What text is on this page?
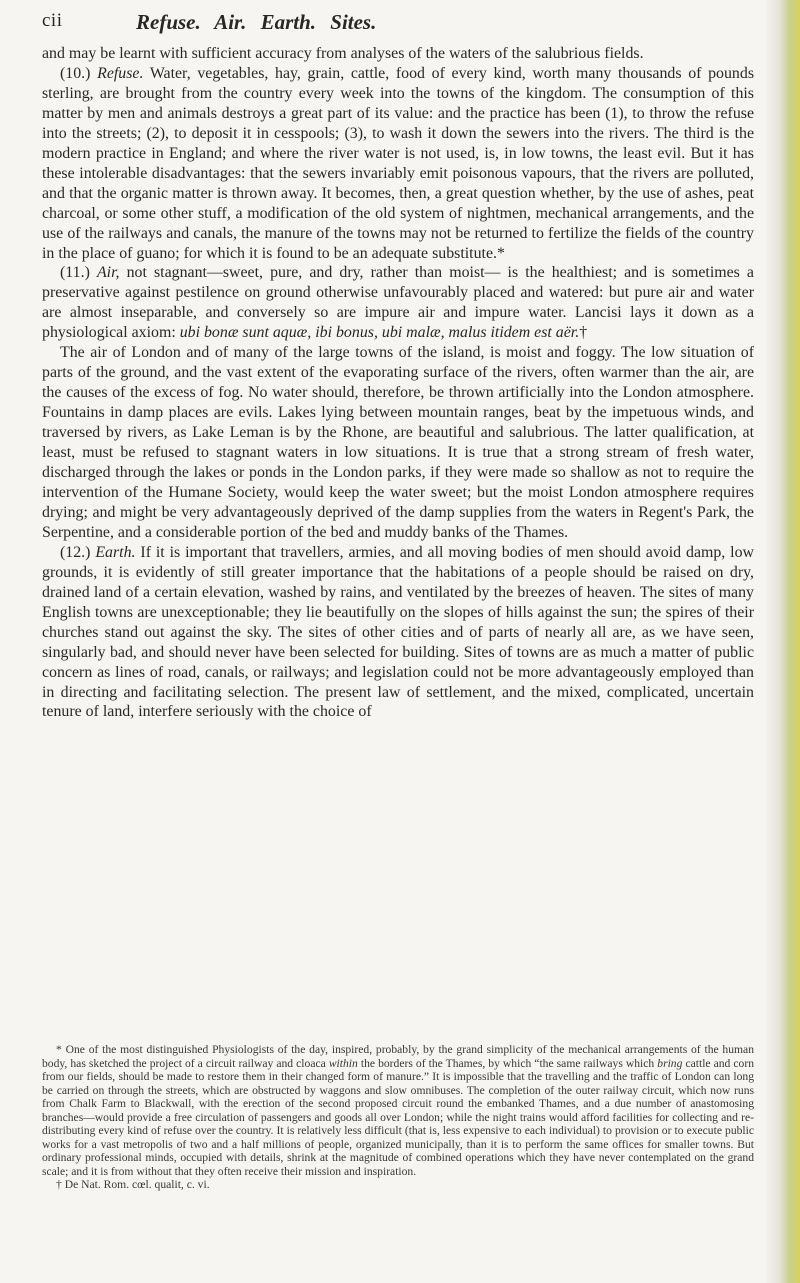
cii	Refuse. Air. Earth. Sites.

and may be learnt with sufficient accuracy from analyses of the waters of the salubrious fields.

(10.) Refuse. Water, vegetables, hay, grain, cattle, food of every kind, worth many thousands of pounds sterling, are brought from the country every week into the towns of the kingdom. The consumption of this matter by men and animals destroys a great part of its value: and the practice has been (1), to throw the refuse into the streets; (2), to deposit it in cesspools; (3), to wash it down the sewers into the rivers. The third is the modern practice in England; and where the river water is not used, is, in low towns, the least evil. But it has these intolerable disadvantages: that the sewers invariably emit poisonous vapours, that the rivers are polluted, and that the organic matter is thrown away. It becomes, then, a great question whether, by the use of ashes, peat charcoal, or some other stuff, a modification of the old system of nightmen, mechanical arrangements, and the use of the railways and canals, the manure of the towns may not be returned to fertilize the fields of the country in the place of guano; for which it is found to be an adequate substitute.*

(11.) Air, not stagnant—sweet, pure, and dry, rather than moist— is the healthiest; and is sometimes a preservative against pestilence on ground otherwise unfavourably placed and watered: but pure air and water are almost inseparable, and conversely so are impure air and impure water. Lancisi lays it down as a physiological axiom: ubi bonæ sunt aquæ, ibi bonus, ubi malæ, malus itidem est aër.†

The air of London and of many of the large towns of the island, is moist and foggy. The low situation of parts of the ground, and the vast extent of the evaporating surface of the rivers, often warmer than the air, are the causes of the excess of fog. No water should, therefore, be thrown artificially into the London atmosphere. Fountains in damp places are evils. Lakes lying between mountain ranges, beat by the impetuous winds, and traversed by rivers, as Lake Leman is by the Rhone, are beautiful and salubrious. The latter qualification, at least, must be refused to stagnant waters in low situations. It is true that a strong stream of fresh water, discharged through the lakes or ponds in the London parks, if they were made so shallow as not to require the intervention of the Humane Society, would keep the water sweet; but the moist London atmosphere requires drying; and might be very advantageously deprived of the damp supplies from the waters in Regent's Park, the Serpentine, and a considerable portion of the bed and muddy banks of the Thames.

(12.) Earth. If it is important that travellers, armies, and all moving bodies of men should avoid damp, low grounds, it is evidently of still greater importance that the habitations of a people should be raised on dry, drained land of a certain elevation, washed by rains, and ventilated by the breezes of heaven. The sites of many English towns are unexceptionable; they lie beautifully on the slopes of hills against the sun; the spires of their churches stand out against the sky. The sites of other cities and of parts of nearly all are, as we have seen, singularly bad, and should never have been selected for building. Sites of towns are as much a matter of public concern as lines of road, canals, or railways; and legislation could not be more advantageously employed than in directing and facilitating selection. The present law of settlement, and the mixed, complicated, uncertain tenure of land, interfere seriously with the choice of

* One of the most distinguished Physiologists of the day, inspired, probably, by the grand simplicity of the mechanical arrangements of the human body, has sketched the project of a circuit railway and cloaca within the borders of the Thames, by which “the same railways which bring cattle and corn from our fields, should be made to restore them in their changed form of manure.” It is impossible that the travelling and the traffic of London can long be carried on through the streets, which are obstructed by waggons and slow omnibuses. The completion of the outer railway circuit, which now runs from Chalk Farm to Blackwall, with the erection of the second proposed circuit round the embanked Thames, and a due number of anastomosing branches—would provide a free circulation of passengers and goods all over London; while the night trains would afford facilities for collecting and re-distributing every kind of refuse over the country. It is relatively less difficult (that is, less expensive to each individual) to provision or to execute public works for a vast metropolis of two and a half millions of people, organized municipally, than it is to perform the same offices for smaller towns. But ordinary professional minds, occupied with details, shrink at the magnitude of combined operations which they have never contemplated on the grand scale; and it is from without that they often receive their mission and inspiration.

† De Nat. Rom. cœl. qualit, c. vi.
